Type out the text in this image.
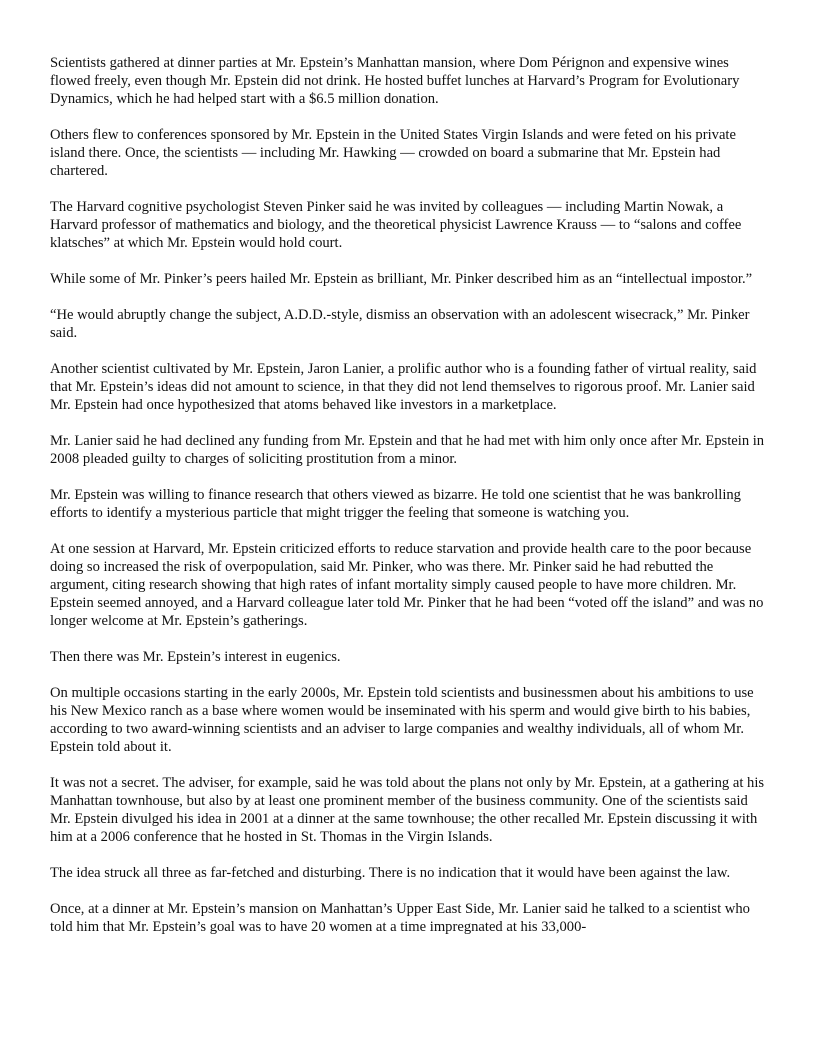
Scientists gathered at dinner parties at Mr. Epstein’s Manhattan mansion, where Dom Pérignon and expensive wines flowed freely, even though Mr. Epstein did not drink. He hosted buffet lunches at Harvard’s Program for Evolutionary Dynamics, which he had helped start with a $6.5 million donation.

Others flew to conferences sponsored by Mr. Epstein in the United States Virgin Islands and were feted on his private island there. Once, the scientists — including Mr. Hawking — crowded on board a submarine that Mr. Epstein had chartered.

The Harvard cognitive psychologist Steven Pinker said he was invited by colleagues — including Martin Nowak, a Harvard professor of mathematics and biology, and the theoretical physicist Lawrence Krauss — to “salons and coffee klatsches” at which Mr. Epstein would hold court.

While some of Mr. Pinker’s peers hailed Mr. Epstein as brilliant, Mr. Pinker described him as an “intellectual impostor.”

“He would abruptly change the subject, A.D.D.-style, dismiss an observation with an adolescent wisecrack,” Mr. Pinker said.

Another scientist cultivated by Mr. Epstein, Jaron Lanier, a prolific author who is a founding father of virtual reality, said that Mr. Epstein’s ideas did not amount to science, in that they did not lend themselves to rigorous proof. Mr. Lanier said Mr. Epstein had once hypothesized that atoms behaved like investors in a marketplace.

Mr. Lanier said he had declined any funding from Mr. Epstein and that he had met with him only once after Mr. Epstein in 2008 pleaded guilty to charges of soliciting prostitution from a minor.

Mr. Epstein was willing to finance research that others viewed as bizarre. He told one scientist that he was bankrolling efforts to identify a mysterious particle that might trigger the feeling that someone is watching you.

At one session at Harvard, Mr. Epstein criticized efforts to reduce starvation and provide health care to the poor because doing so increased the risk of overpopulation, said Mr. Pinker, who was there. Mr. Pinker said he had rebutted the argument, citing research showing that high rates of infant mortality simply caused people to have more children. Mr. Epstein seemed annoyed, and a Harvard colleague later told Mr. Pinker that he had been “voted off the island” and was no longer welcome at Mr. Epstein’s gatherings.

Then there was Mr. Epstein’s interest in eugenics.

On multiple occasions starting in the early 2000s, Mr. Epstein told scientists and businessmen about his ambitions to use his New Mexico ranch as a base where women would be inseminated with his sperm and would give birth to his babies, according to two award-winning scientists and an adviser to large companies and wealthy individuals, all of whom Mr. Epstein told about it.

It was not a secret. The adviser, for example, said he was told about the plans not only by Mr. Epstein, at a gathering at his Manhattan townhouse, but also by at least one prominent member of the business community. One of the scientists said Mr. Epstein divulged his idea in 2001 at a dinner at the same townhouse; the other recalled Mr. Epstein discussing it with him at a 2006 conference that he hosted in St. Thomas in the Virgin Islands.

The idea struck all three as far-fetched and disturbing. There is no indication that it would have been against the law.

Once, at a dinner at Mr. Epstein’s mansion on Manhattan’s Upper East Side, Mr. Lanier said he talked to a scientist who told him that Mr. Epstein’s goal was to have 20 women at a time impregnated at his 33,000-
